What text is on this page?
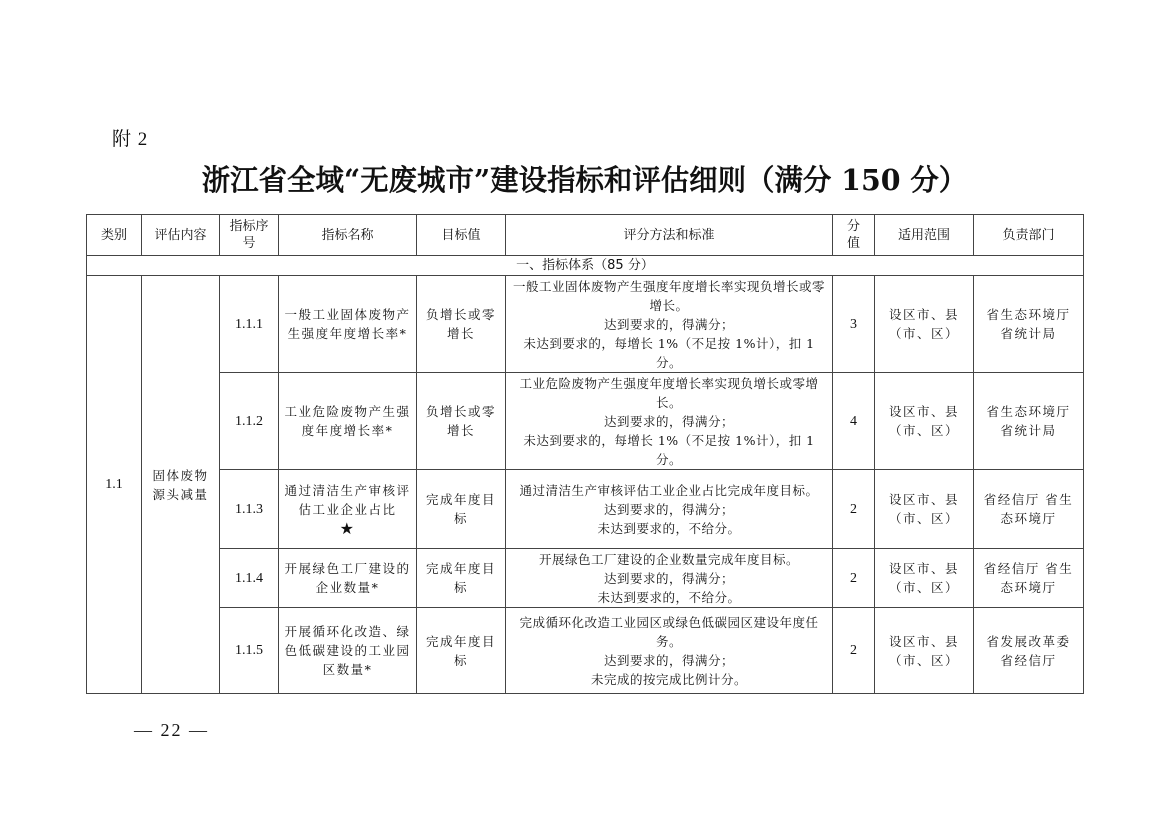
附 2
浙江省全域“无废城市”建设指标和评估细则（满分 150 分）
类别	评估内容	指标序号	指标名称	目标值	评分方法和标准	分值	适用范围	负责部门
一、指标体系（85 分）								
1.1	固体废物源头减量	1.1.1	一般工业固体废物产生强度年度增长率*	负增长或零增长	一般工业固体废物产生强度年度增长率实现负增长或零增长。
达到要求的，得满分；
未达到要求的，每增长 1%（不足按 1%计），扣 1 分。	3	设区市、县（市、区）	省生态环境厅 省统计局
		1.1.2	工业危险废物产生强度年度增长率*	负增长或零增长	工业危险废物产生强度年度增长率实现负增长或零增长。
达到要求的，得满分；
未达到要求的，每增长 1%（不足按 1%计），扣 1 分。	4	设区市、县（市、区）	省生态环境厅 省统计局
		1.1.3	通过清洁生产审核评估工业企业占比
★	完成年度目标	通过清洁生产审核评估工业企业占比完成年度目标。
达到要求的，得满分；
未达到要求的，不给分。	2	设区市、县（市、区）	省经信厅 省生态环境厅
		1.1.4	开展绿色工厂建设的企业数量*	完成年度目标	开展绿色工厂建设的企业数量完成年度目标。
达到要求的，得满分；
未达到要求的，不给分。	2	设区市、县（市、区）	省经信厅 省生态环境厅
		1.1.5	开展循环化改造、绿色低碳建设的工业园区数量*	完成年度目标	完成循环化改造工业园区或绿色低碳园区建设年度任务。
达到要求的，得满分；
未完成的按完成比例计分。	2	设区市、县（市、区）	省发展改革委 省经信厅
— 22 —
